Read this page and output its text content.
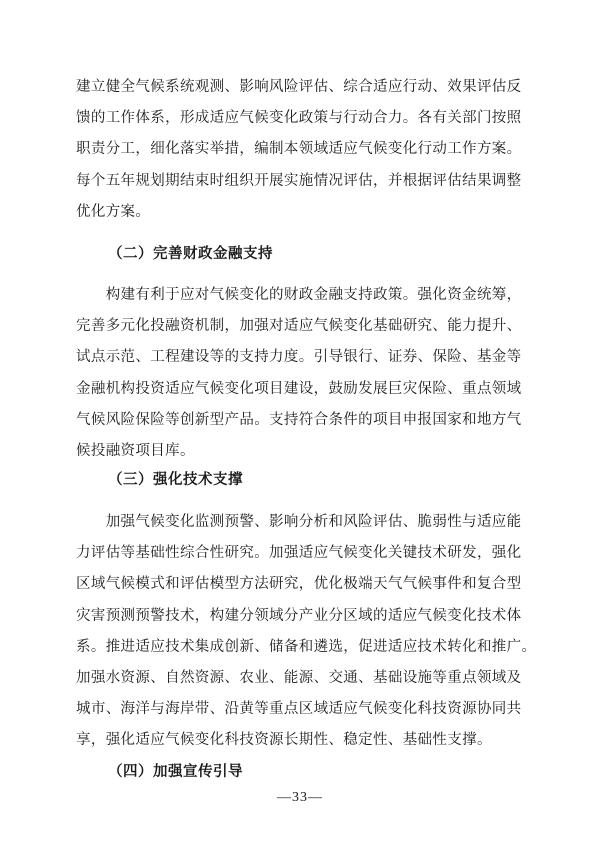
建立健全气候系统观测、影响风险评估、综合适应行动、效果评估反
馈的工作体系，形成适应气候变化政策与行动合力。各有关部门按照
职责分工，细化落实举措，编制本领域适应气候变化行动工作方案。
每个五年规划期结束时组织开展实施情况评估，并根据评估结果调整
优化方案。
（二）完善财政金融支持
　　构建有利于应对气候变化的财政金融支持政策。强化资金统筹，
完善多元化投融资机制，加强对适应气候变化基础研究、能力提升、
试点示范、工程建设等的支持力度。引导银行、证券、保险、基金等
金融机构投资适应气候变化项目建设，鼓励发展巨灾保险、重点领域
气候风险保险等创新型产品。支持符合条件的项目申报国家和地方气
候投融资项目库。
（三）强化技术支撑
　　加强气候变化监测预警、影响分析和风险评估、脆弱性与适应能
力评估等基础性综合性研究。加强适应气候变化关键技术研发，强化
区域气候模式和评估模型方法研究，优化极端天气气候事件和复合型
灾害预测预警技术，构建分领域分产业分区域的适应气候变化技术体
系。推进适应技术集成创新、储备和遴选，促进适应技术转化和推广。
加强水资源、自然资源、农业、能源、交通、基础设施等重点领域及
城市、海洋与海岸带、沿黄等重点区域适应气候变化科技资源协同共
享，强化适应气候变化科技资源长期性、稳定性、基础性支撑。
（四）加强宣传引导
—33—
